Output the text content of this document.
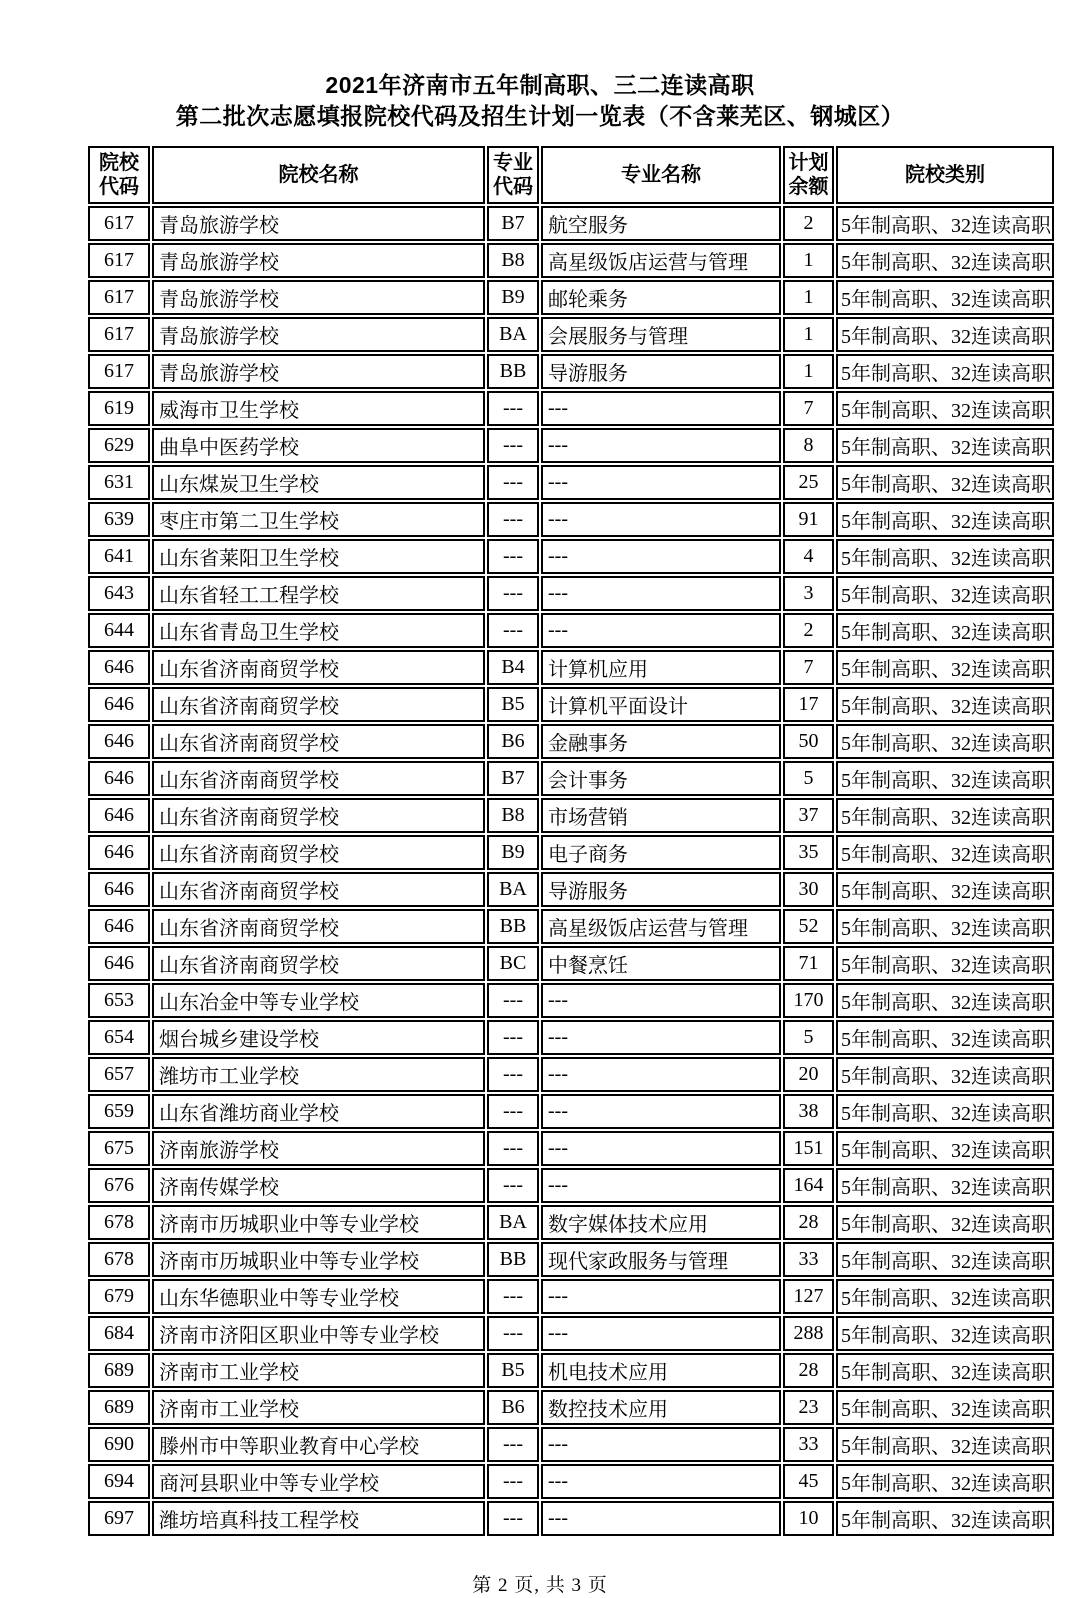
2021年济南市五年制高职、三二连读高职
第二批次志愿填报院校代码及招生计划一览表（不含莱芜区、钢城区）
院校代码	院校名称	专业代码	专业名称	计划余额	院校类别
617	青岛旅游学校	B7	航空服务	2	5年制高职、32连读高职
617	青岛旅游学校	B8	高星级饭店运营与管理	1	5年制高职、32连读高职
617	青岛旅游学校	B9	邮轮乘务	1	5年制高职、32连读高职
617	青岛旅游学校	BA	会展服务与管理	1	5年制高职、32连读高职
617	青岛旅游学校	BB	导游服务	1	5年制高职、32连读高职
619	威海市卫生学校	---	---	7	5年制高职、32连读高职
629	曲阜中医药学校	---	---	8	5年制高职、32连读高职
631	山东煤炭卫生学校	---	---	25	5年制高职、32连读高职
639	枣庄市第二卫生学校	---	---	91	5年制高职、32连读高职
641	山东省莱阳卫生学校	---	---	4	5年制高职、32连读高职
643	山东省轻工工程学校	---	---	3	5年制高职、32连读高职
644	山东省青岛卫生学校	---	---	2	5年制高职、32连读高职
646	山东省济南商贸学校	B4	计算机应用	7	5年制高职、32连读高职
646	山东省济南商贸学校	B5	计算机平面设计	17	5年制高职、32连读高职
646	山东省济南商贸学校	B6	金融事务	50	5年制高职、32连读高职
646	山东省济南商贸学校	B7	会计事务	5	5年制高职、32连读高职
646	山东省济南商贸学校	B8	市场营销	37	5年制高职、32连读高职
646	山东省济南商贸学校	B9	电子商务	35	5年制高职、32连读高职
646	山东省济南商贸学校	BA	导游服务	30	5年制高职、32连读高职
646	山东省济南商贸学校	BB	高星级饭店运营与管理	52	5年制高职、32连读高职
646	山东省济南商贸学校	BC	中餐烹饪	71	5年制高职、32连读高职
653	山东冶金中等专业学校	---	---	170	5年制高职、32连读高职
654	烟台城乡建设学校	---	---	5	5年制高职、32连读高职
657	潍坊市工业学校	---	---	20	5年制高职、32连读高职
659	山东省潍坊商业学校	---	---	38	5年制高职、32连读高职
675	济南旅游学校	---	---	151	5年制高职、32连读高职
676	济南传媒学校	---	---	164	5年制高职、32连读高职
678	济南市历城职业中等专业学校	BA	数字媒体技术应用	28	5年制高职、32连读高职
678	济南市历城职业中等专业学校	BB	现代家政服务与管理	33	5年制高职、32连读高职
679	山东华德职业中等专业学校	---	---	127	5年制高职、32连读高职
684	济南市济阳区职业中等专业学校	---	---	288	5年制高职、32连读高职
689	济南市工业学校	B5	机电技术应用	28	5年制高职、32连读高职
689	济南市工业学校	B6	数控技术应用	23	5年制高职、32连读高职
690	滕州市中等职业教育中心学校	---	---	33	5年制高职、32连读高职
694	商河县职业中等专业学校	---	---	45	5年制高职、32连读高职
697	潍坊培真科技工程学校	---	---	10	5年制高职、32连读高职
第 2 页, 共 3 页
